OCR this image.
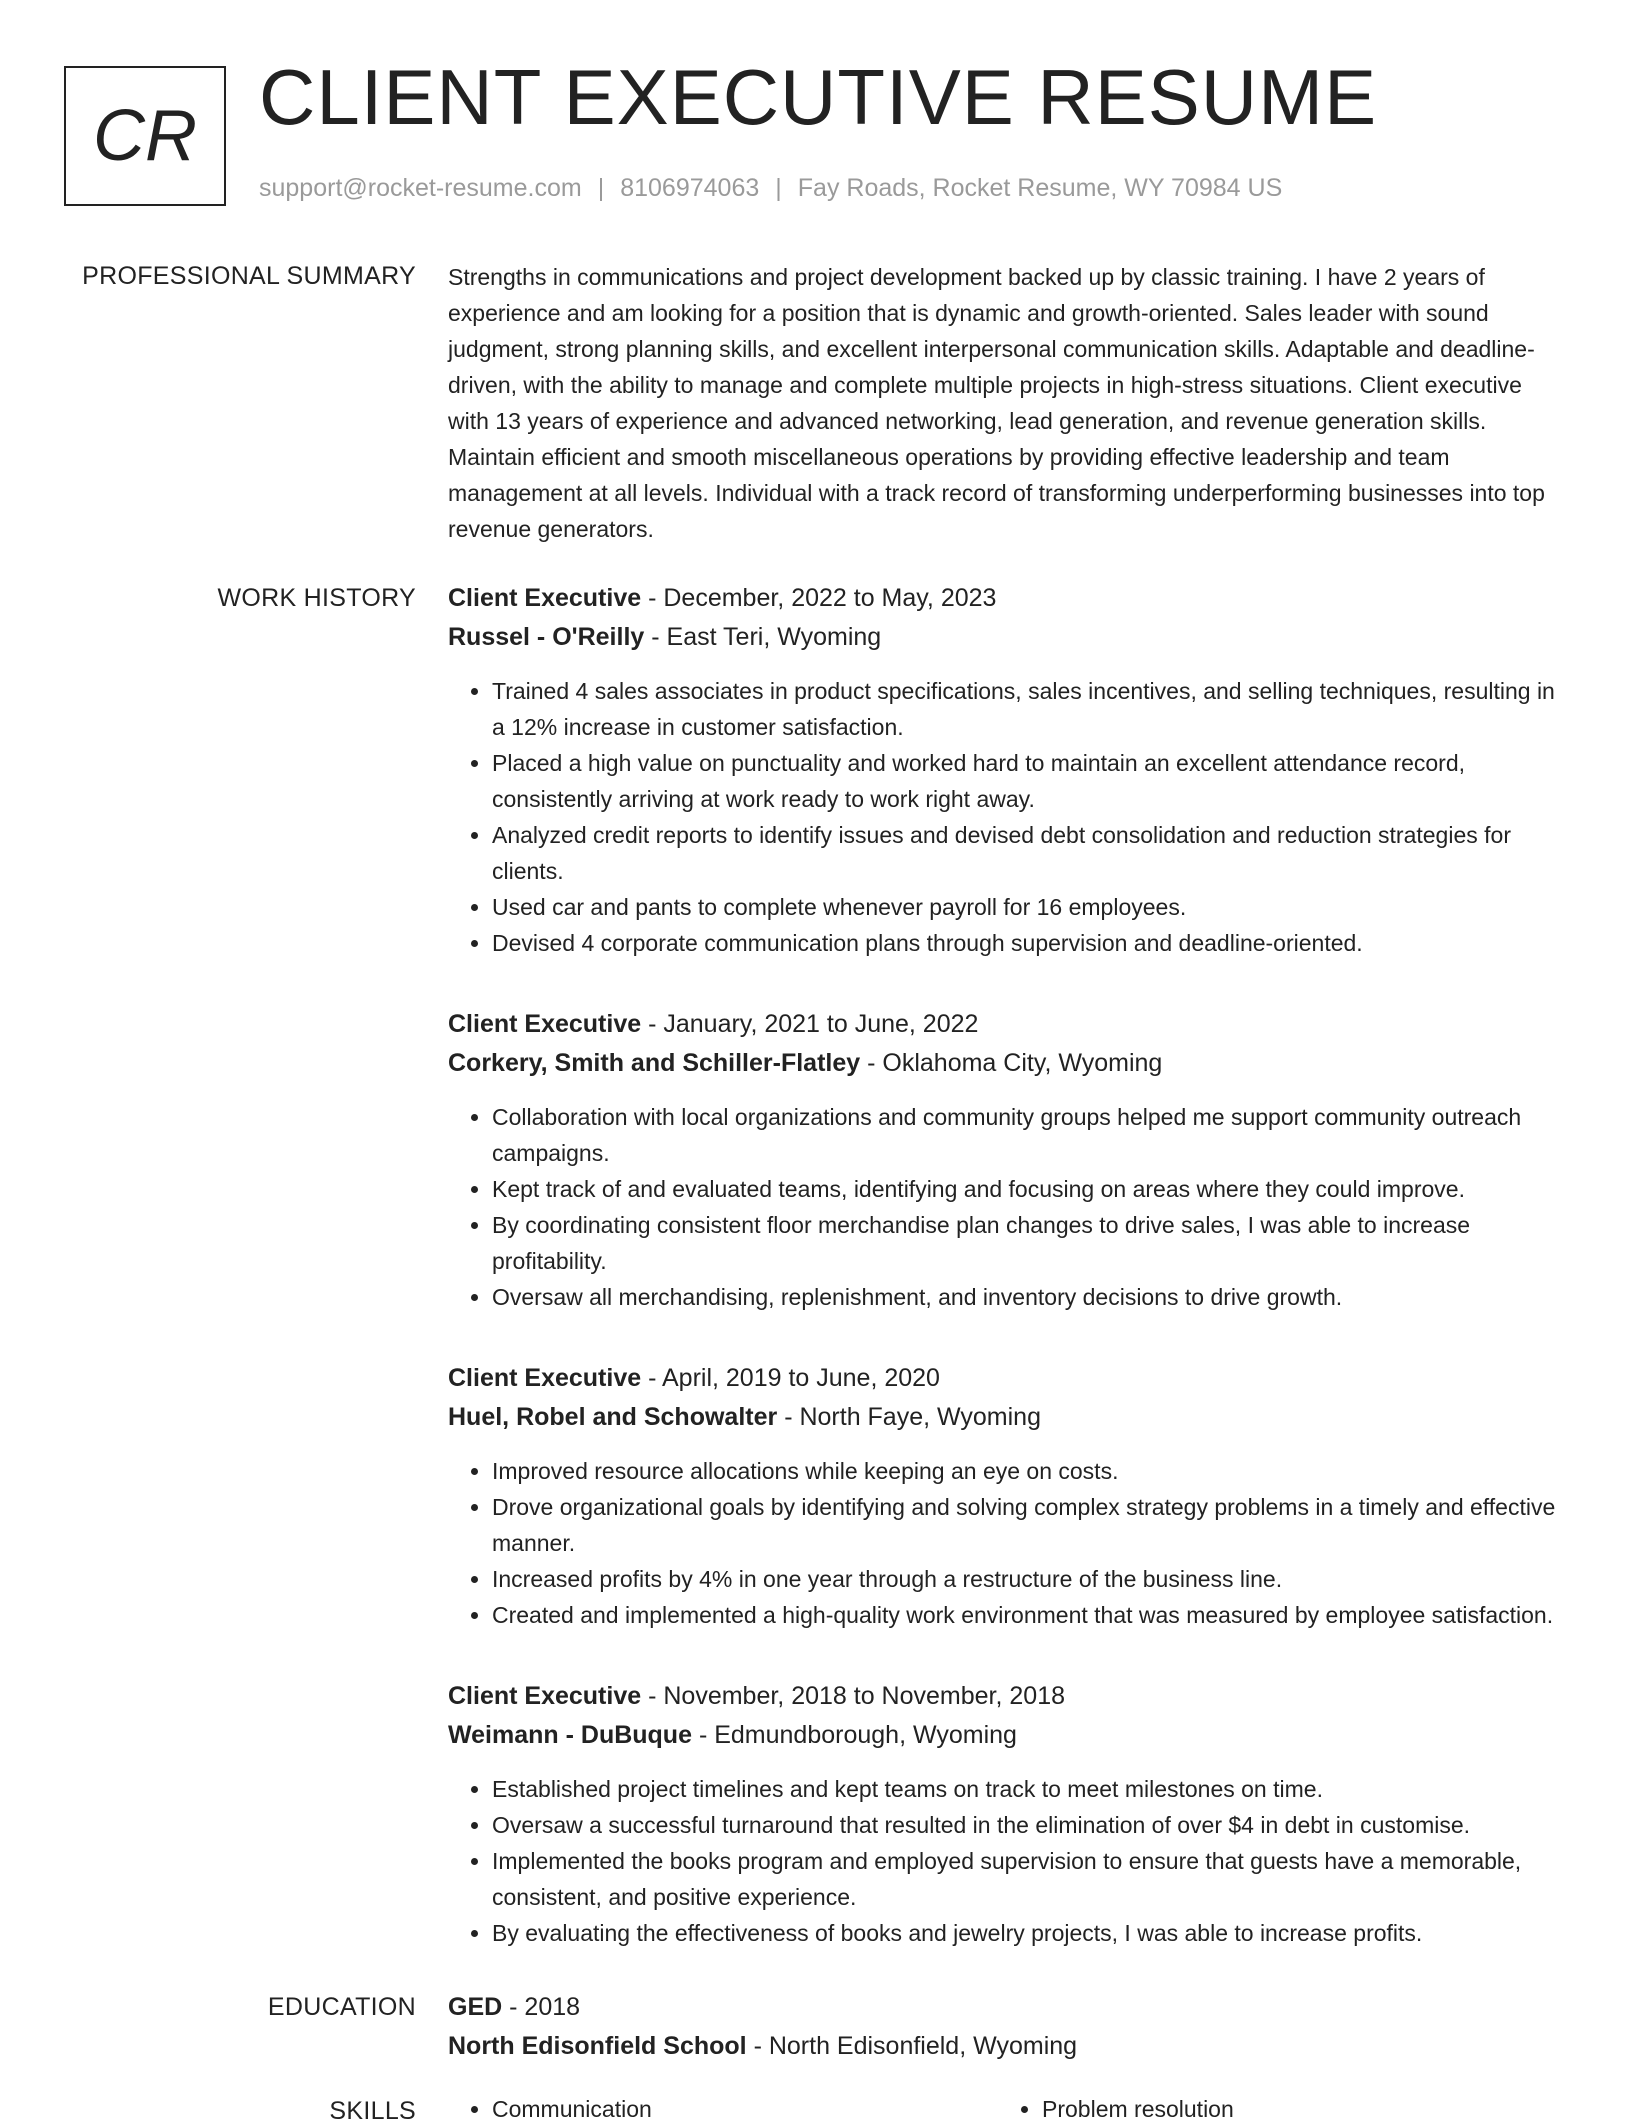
CR CLIENT EXECUTIVE RESUME
support@rocket-resume.com | 8106974063 | Fay Roads, Rocket Resume, WY 70984 US
PROFESSIONAL SUMMARY Strengths in communications and project development backed up by classic training. I have 2 years of experience and am looking for a position that is dynamic and growth-oriented. Sales leader with sound judgment, strong planning skills, and excellent interpersonal communication skills. Adaptable and deadline-driven, with the ability to manage and complete multiple projects in high-stress situations. Client executive with 13 years of experience and advanced networking, lead generation, and revenue generation skills. Maintain efficient and smooth miscellaneous operations by providing effective leadership and team management at all levels. Individual with a track record of transforming underperforming businesses into top revenue generators.

WORK HISTORY Client Executive - December, 2022 to May, 2023
Russel - O'Reilly - East Teri, Wyoming
• Trained 4 sales associates in product specifications, sales incentives, and selling techniques, resulting in a 12% increase in customer satisfaction.
• Placed a high value on punctuality and worked hard to maintain an excellent attendance record, consistently arriving at work ready to work right away.
• Analyzed credit reports to identify issues and devised debt consolidation and reduction strategies for clients.
• Used car and pants to complete whenever payroll for 16 employees.
• Devised 4 corporate communication plans through supervision and deadline-oriented.
Client Executive - January, 2021 to June, 2022
Corkery, Smith and Schiller-Flatley - Oklahoma City, Wyoming
• Collaboration with local organizations and community groups helped me support community outreach campaigns.
• Kept track of and evaluated teams, identifying and focusing on areas where they could improve.
• By coordinating consistent floor merchandise plan changes to drive sales, I was able to increase profitability.
• Oversaw all merchandising, replenishment, and inventory decisions to drive growth.
Client Executive - April, 2019 to June, 2020
Huel, Robel and Schowalter - North Faye, Wyoming
• Improved resource allocations while keeping an eye on costs.
• Drove organizational goals by identifying and solving complex strategy problems in a timely and effective manner.
• Increased profits by 4% in one year through a restructure of the business line.
• Created and implemented a high-quality work environment that was measured by employee satisfaction.
Client Executive - November, 2018 to November, 2018
Weimann - DuBuque - Edmundborough, Wyoming
• Established project timelines and kept teams on track to meet milestones on time.
• Oversaw a successful turnaround that resulted in the elimination of over $4 in debt in customise.
• Implemented the books program and employed supervision to ensure that guests have a memorable, consistent, and positive experience.
• By evaluating the effectiveness of books and jewelry projects, I was able to increase profits.
EDUCATION GED - 2018
North Edisonfield School - North Edisonfield, Wyoming
SKILLS	• Communication	• Problem resolution
